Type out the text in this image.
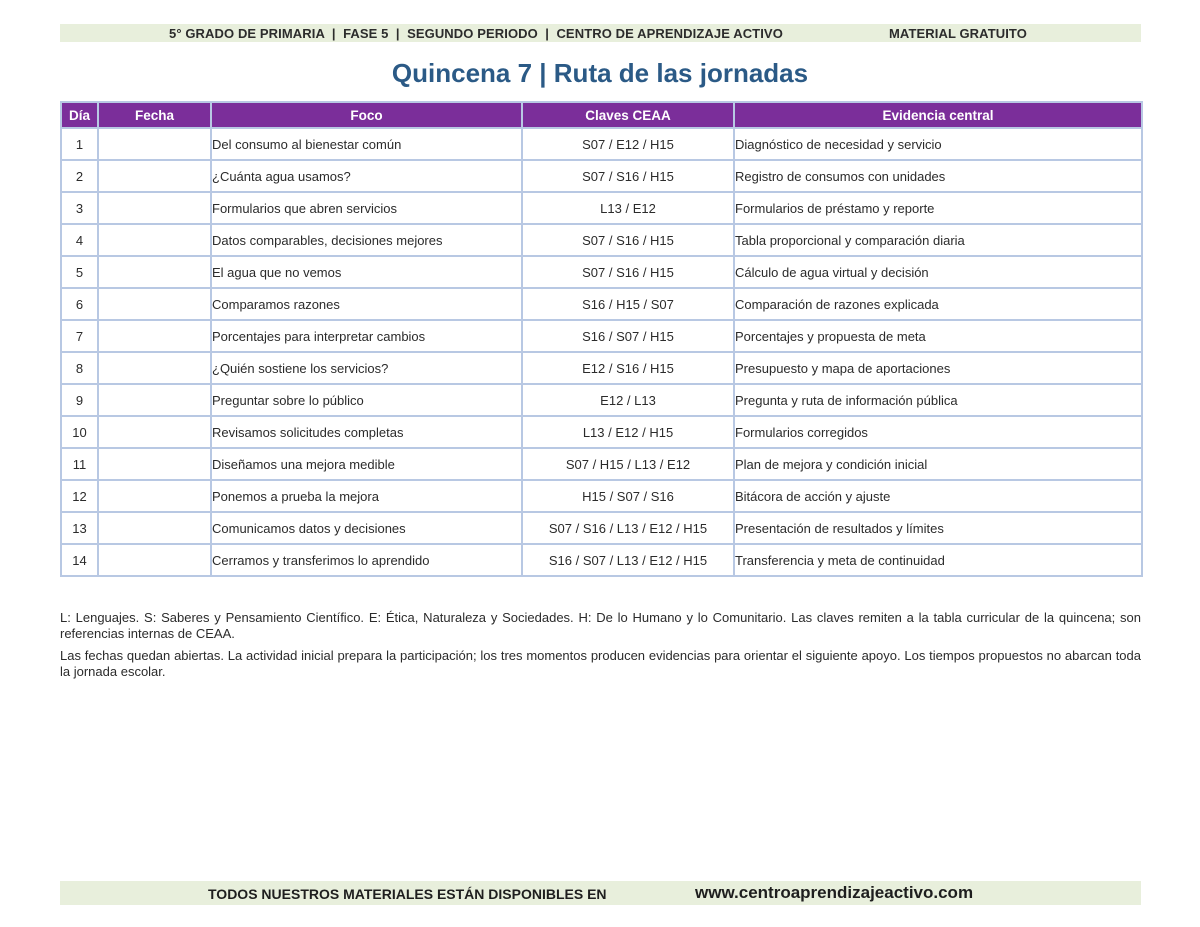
5° GRADO DE PRIMARIA  |  FASE 5  |  SEGUNDO PERIODO  |  CENTRO DE APRENDIZAJE ACTIVO	MATERIAL GRATUITO
Quincena 7 | Ruta de las jornadas
Día	Fecha	Foco	Claves CEAA	Evidencia central
1		Del consumo al bienestar común	S07 / E12 / H15	Diagnóstico de necesidad y servicio
2		¿Cuánta agua usamos?	S07 / S16 / H15	Registro de consumos con unidades
3		Formularios que abren servicios	L13 / E12	Formularios de préstamo y reporte
4		Datos comparables, decisiones mejores	S07 / S16 / H15	Tabla proporcional y comparación diaria
5		El agua que no vemos	S07 / S16 / H15	Cálculo de agua virtual y decisión
6		Comparamos razones	S16 / H15 / S07	Comparación de razones explicada
7		Porcentajes para interpretar cambios	S16 / S07 / H15	Porcentajes y propuesta de meta
8		¿Quién sostiene los servicios?	E12 / S16 / H15	Presupuesto y mapa de aportaciones
9		Preguntar sobre lo público	E12 / L13	Pregunta y ruta de información pública
10		Revisamos solicitudes completas	L13 / E12 / H15	Formularios corregidos
11		Diseñamos una mejora medible	S07 / H15 / L13 / E12	Plan de mejora y condición inicial
12		Ponemos a prueba la mejora	H15 / S07 / S16	Bitácora de acción y ajuste
13		Comunicamos datos y decisiones	S07 / S16 / L13 / E12 / H15	Presentación de resultados y límites
14		Cerramos y transferimos lo aprendido	S16 / S07 / L13 / E12 / H15	Transferencia y meta de continuidad

L: Lenguajes. S: Saberes y Pensamiento Científico. E: Ética, Naturaleza y Sociedades. H: De lo Humano y lo Comunitario. Las claves remiten a la tabla curricular de la quincena; son referencias internas de CEAA.

Las fechas quedan abiertas. La actividad inicial prepara la participación; los tres momentos producen evidencias para orientar el siguiente apoyo. Los tiempos propuestos no abarcan toda la jornada escolar.

TODOS NUESTROS MATERIALES ESTÁN DISPONIBLES EN	www.centroaprendizajeactivo.com
